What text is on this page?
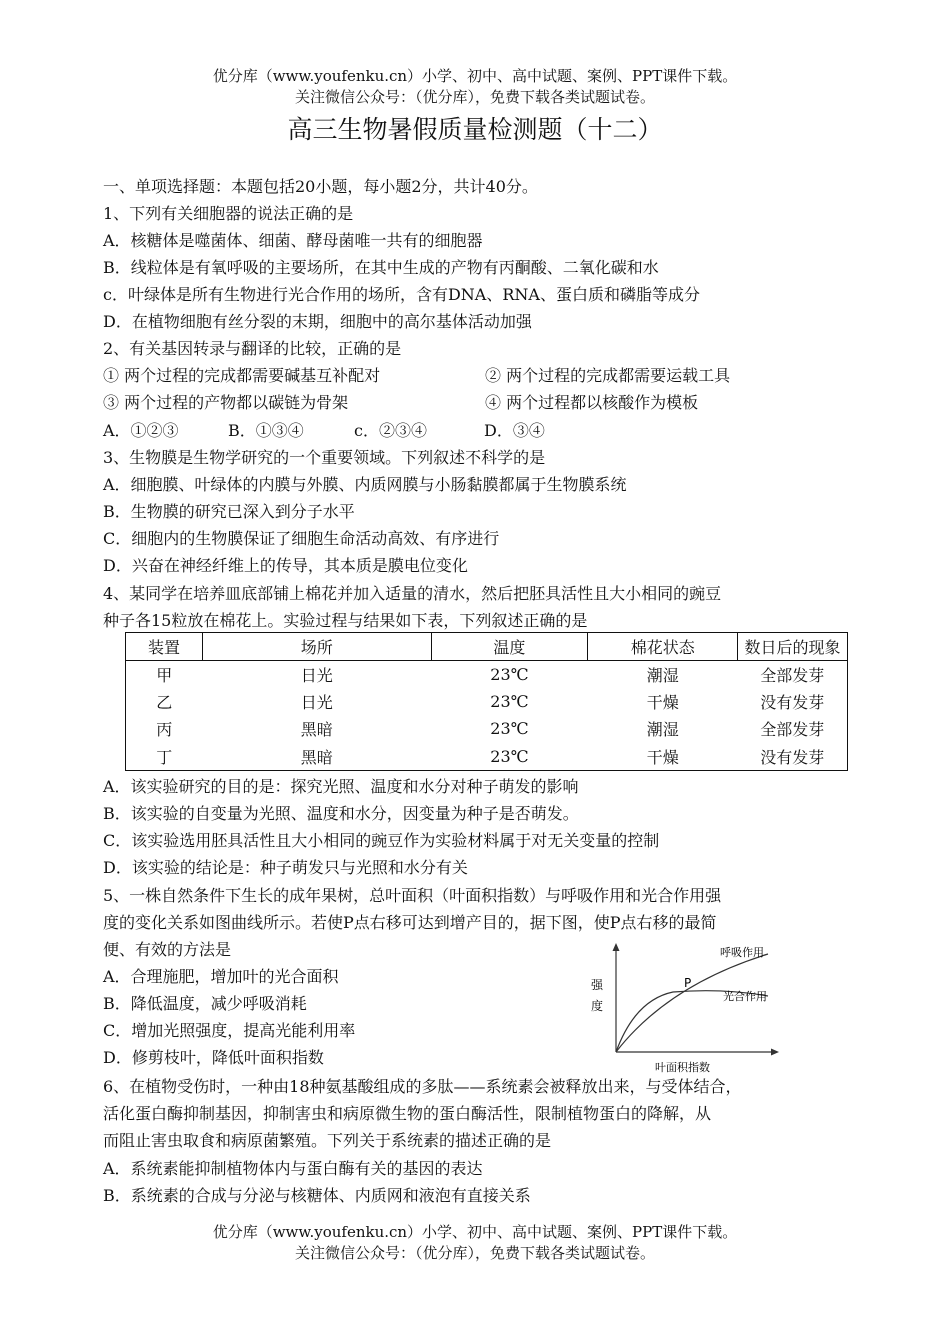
优分库（www.youfenku.cn）小学、初中、高中试题、案例、PPT课件下载。
关注微信公众号：（优分库），免费下载各类试题试卷。
高三生物暑假质量检测题（十二）
一、单项选择题：本题包括20小题，每小题2分，共计40分。
1、下列有关细胞器的说法正确的是
A．核糖体是噬菌体、细菌、酵母菌唯一共有的细胞器
B．线粒体是有氧呼吸的主要场所，在其中生成的产物有丙酮酸、二氧化碳和水
c．叶绿体是所有生物进行光合作用的场所，含有DNA、RNA、蛋白质和磷脂等成分
D．在植物细胞有丝分裂的末期，细胞中的高尔基体活动加强
2、有关基因转录与翻译的比较，正确的是
① 两个过程的完成都需要碱基互补配对	② 两个过程的完成都需要运载工具
③ 两个过程的产物都以碳链为骨架	④ 两个过程都以核酸作为模板
A．①②③	B．①③④	c．②③④	D．③④
3、生物膜是生物学研究的一个重要领域。下列叙述不科学的是
A．细胞膜、叶绿体的内膜与外膜、内质网膜与小肠黏膜都属于生物膜系统
B．生物膜的研究已深入到分子水平
C．细胞内的生物膜保证了细胞生命活动高效、有序进行
D．兴奋在神经纤维上的传导，其本质是膜电位变化
4、某同学在培养皿底部铺上棉花并加入适量的清水，然后把胚具活性且大小相同的豌豆
种子各15粒放在棉花上。实验过程与结果如下表，下列叙述正确的是
装置	场所	温度	棉花状态	数日后的现象
甲	日光	23℃	潮湿	全部发芽
乙	日光	23℃	干燥	没有发芽
丙	黑暗	23℃	潮湿	全部发芽
丁	黑暗	23℃	干燥	没有发芽
A．该实验研究的目的是：探究光照、温度和水分对种子萌发的影响
B．该实验的自变量为光照、温度和水分，因变量为种子是否萌发。
C．该实验选用胚具活性且大小相同的豌豆作为实验材料属于对无关变量的控制
D．该实验的结论是：种子萌发只与光照和水分有关
5、一株自然条件下生长的成年果树，总叶面积（叶面积指数）与呼吸作用和光合作用强
度的变化关系如图曲线所示。若使P点右移可达到增产目的，据下图，使P点右移的最简
便、有效的方法是
A．合理施肥，增加叶的光合面积
B．降低温度，减少呼吸消耗
C．增加光照强度，提高光能利用率
D．修剪枝叶，降低叶面积指数
强
度
叶面积指数
呼吸作用
光合作用
P
6、在植物受伤时，一种由18种氨基酸组成的多肽——系统素会被释放出来，与受体结合，
活化蛋白酶抑制基因，抑制害虫和病原微生物的蛋白酶活性，限制植物蛋白的降解，从
而阻止害虫取食和病原菌繁殖。下列关于系统素的描述正确的是
A．系统素能抑制植物体内与蛋白酶有关的基因的表达
B．系统素的合成与分泌与核糖体、内质网和液泡有直接关系
优分库（www.youfenku.cn）小学、初中、高中试题、案例、PPT课件下载。
关注微信公众号：（优分库），免费下载各类试题试卷。
